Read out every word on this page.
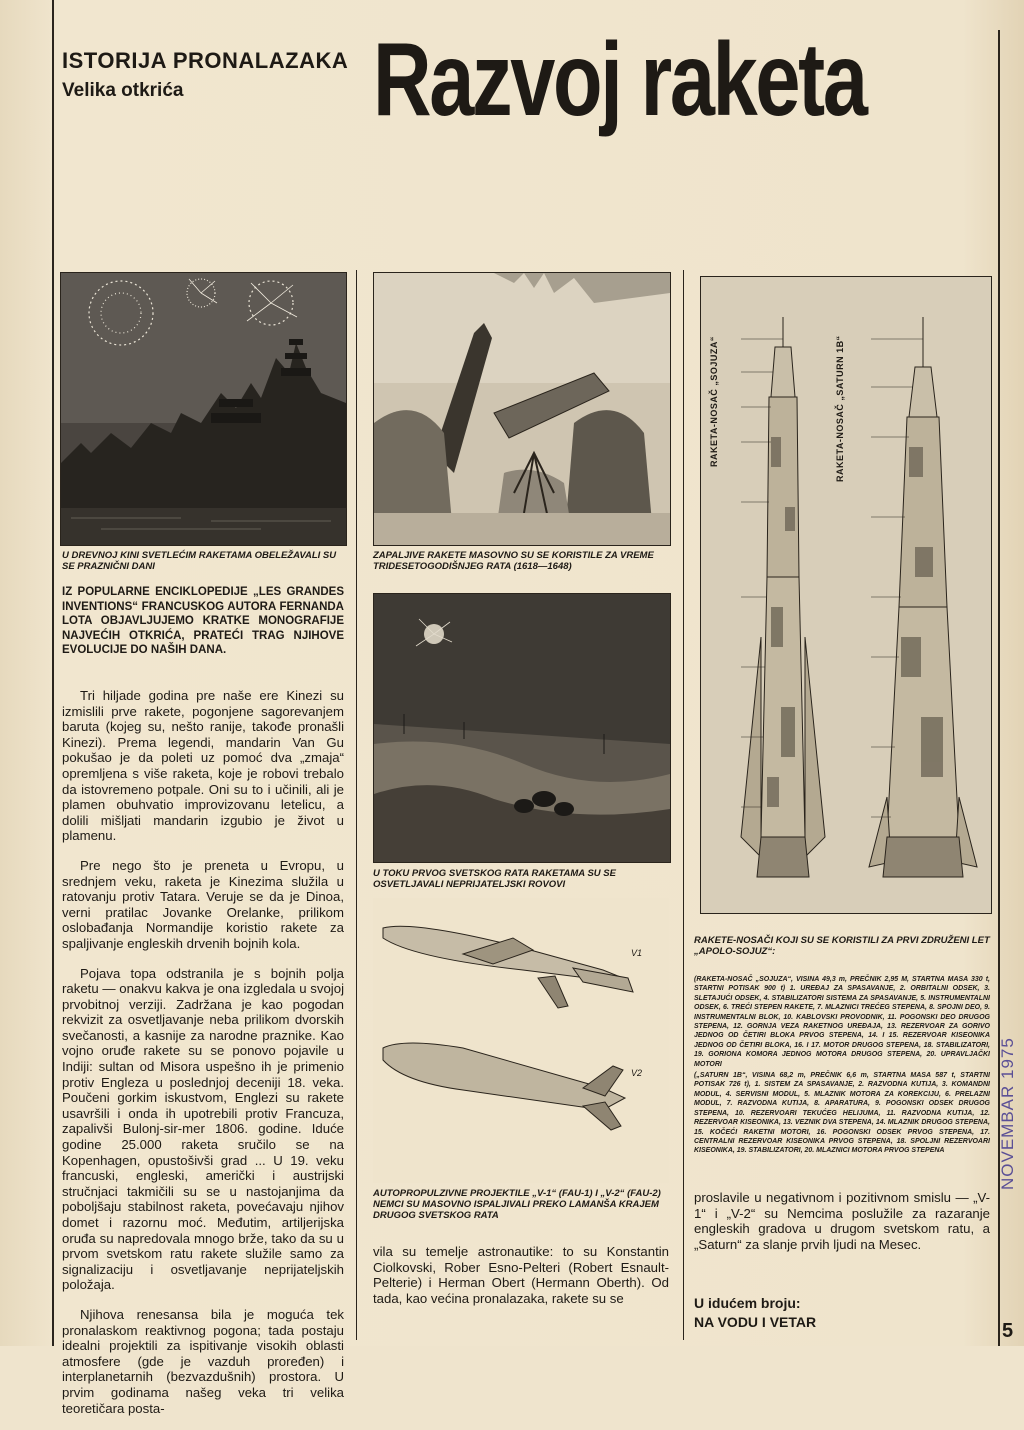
ISTORIJA PRONALAZAKA
Velika otkrića Razvoj raketa
U DREVNOJ KINI SVETLEĆIM RAKETAMA OBELEŽAVALI SU SE PRAZNIČNI DANI
ZAPALJIVE RAKETE MASOVNO SU SE KORISTILE ZA VREME TRIDESETOGODIŠNJEG RATA (1618—1648)
IZ POPULARNE ENCIKLOPEDIJE „LES GRANDES INVENTIONS“ FRANCUSKOG AUTORA FERNANDA LOTA OBJAVLJUJEMO KRATKE MONOGRAFIJE NAJVEĆIH OTKRIĆA, PRATEĆI TRAG NJIHOVE EVOLUCIJE DO NAŠIH DANA.

Tri hiljade godina pre naše ere Kinezi su izmislili prve rakete, pogonjene sagorevanjem baruta (kojeg su, nešto ranije, takođe pronašli Kinezi). Prema legendi, mandarin Van Gu pokušao je da poleti uz pomoć dva „zmaja“ opremljena s više raketa, koje je robovi trebalo da istovremeno potpale. Oni su to i učinili, ali je plamen obuhvatio improvizovanu letelicu, a dolili mišljati mandarin izgubio je život u plamenu.

Pre nego što je preneta u Evropu, u srednjem veku, raketa je Kinezima služila u ratovanju protiv Tatara. Veruje se da je Dinoa, verni pratilac Jovanke Orelanke, prilikom oslobađanja Normandije koristio rakete za spaljivanje engleskih drvenih bojnih kola.

Pojava topa odstranila je s bojnih polja raketu — onakvu kakva je ona izgledala u svojoj prvobitnoj verziji. Zadržana je kao pogodan rekvizit za osvetljavanje neba prilikom dvorskih svečanosti, a kasnije za narodne praznike. Kao vojno oruđe rakete su se ponovo pojavile u Indiji: sultan od Misora uspešno ih je primenio protiv Engleza u poslednjoj deceniji 18. veka. Poučeni gorkim iskustvom, Englezi su rakete usavršili i onda ih upotrebili protiv Francuza, zapalivši Bulonj-sir-mer 1806. godine. Iduće godine 25.000 raketa sručilo se na Kopenhagen, opustošivši grad ... U 19. veku francuski, engleski, američki i austrijski stručnjaci takmičili su se u nastojanjima da poboljšaju stabilnost raketa, povećavaju njihov domet i razornu moć. Međutim, artiljerijska oruđa su napredovala mnogo brže, tako da su u prvom svetskom ratu rakete služile samo za signalizaciju i osvetljavanje neprijateljskih položaja.

Njihova renesansa bila je moguća tek pronalaskom reaktivnog pogona; tada postaju idealni projektili za ispitivanje visokih oblasti atmosfere (gde je vazduh proređen) i interplanetarnih (bezvazdušnih) prostora. U prvim godinama našeg veka tri velika teoretičara posta-

U TOKU PRVOG SVETSKOG RATA RAKETAMA SU SE OSVETLJAVALI NEPRIJATELJSKI ROVOVI
V1
V2
AUTOPROPULZIVNE PROJEKTILE „V-1“ (FAU-1) I „V-2“ (FAU-2) NEMCI SU MASOVNO ISPALJIVALI PREKO LAMANŠA KRAJEM DRUGOG SVETSKOG RATA

vila su temelje astronautike: to su Konstantin Ciolkovski, Rober Esno-Pelteri (Robert Esnault-Pelterie) i Herman Obert (Hermann Oberth). Od tada, kao većina pronalazaka, rakete su se

RAKETA-NOSAČ „SOJUZA“	RAKETA-NOSAČ „SATURN 1B“
RAKETE-NOSAČI KOJI SU SE KORISTILI ZA PRVI ZDRUŽENI LET „APOLO-SOJUZ“:

(RAKETA-NOSAČ „SOJUZA“, VISINA 49,3 m, PREČNIK 2,95 M, STARTNA MASA 330 t, STARTNI POTISAK 900 t) 1. UREĐAJ ZA SPASAVANJE, 2. ORBITALNI ODSEK, 3. SLETAJUĆI ODSEK, 4. STABILIZATORI SISTEMA ZA SPASAVANJE, 5. INSTRUMENTALNI ODSEK, 6. TREĆI STEPEN RAKETE, 7. MLAZNICI TREĆEG STEPENA, 8. SPOJNI DEO, 9. INSTRUMENTALNI BLOK, 10. KABLOVSKI PROVODNIK, 11. POGONSKI DEO DRUGOG STEPENA, 12. GORNJA VEZA RAKETNOG UREĐAJA, 13. REZERVOAR ZA GORIVO JEDNOG OD ČETIRI BLOKA PRVOG STEPENA, 14. I 15. REZERVOAR KISEONIKA JEDNOG OD ČETIRI BLOKA, 16. I 17. MOTOR DRUGOG STEPENA, 18. STABILIZATORI, 19. GORIONA KOMORA JEDNOG MOTORA DRUGOG STEPENA, 20. UPRAVLJAČKI MOTORI

(„SATURN 1B“, VISINA 68,2 m, PREČNIK 6,6 m, STARTNA MASA 587 t, STARTNI POTISAK 726 t), 1. SISTEM ZA SPASAVANJE, 2. RAZVODNA KUTIJA, 3. KOMANDNI MODUL, 4. SERVISNI MODUL, 5. MLAZNIK MOTORA ZA KOREKCIJU, 6. PRELAZNI MODUL, 7. RAZVODNA KUTIJA, 8. APARATURA, 9. POGONSKI ODSEK DRUGOG STEPENA, 10. REZERVOARI TEKUĆEG HELIJUMA, 11. RAZVODNA KUTIJA, 12. REZERVOAR KISEONIKA, 13. VEZNIK DVA STEPENA, 14. MLAZNIK DRUGOG STEPENA, 15. KOČEĆI RAKETNI MOTORI, 16. POGONSKI ODSEK PRVOG STEPENA, 17. CENTRALNI REZERVOAR KISEONIKA PRVOG STEPENA, 18. SPOLJNI REZERVOARI KISEONIKA, 19. STABILIZATORI, 20. MLAZNICI MOTORA PRVOG STEPENA

proslavile u negativnom i pozitivnom smislu — „V-1“ i „V-2“ su Nemcima poslužile za razaranje engleskih gradova u drugom svetskom ratu, a „Saturn“ za slanje prvih ljudi na Mesec.

U idućem broju:
NA VODU I VETAR
NOVEMBAR 1975
5
